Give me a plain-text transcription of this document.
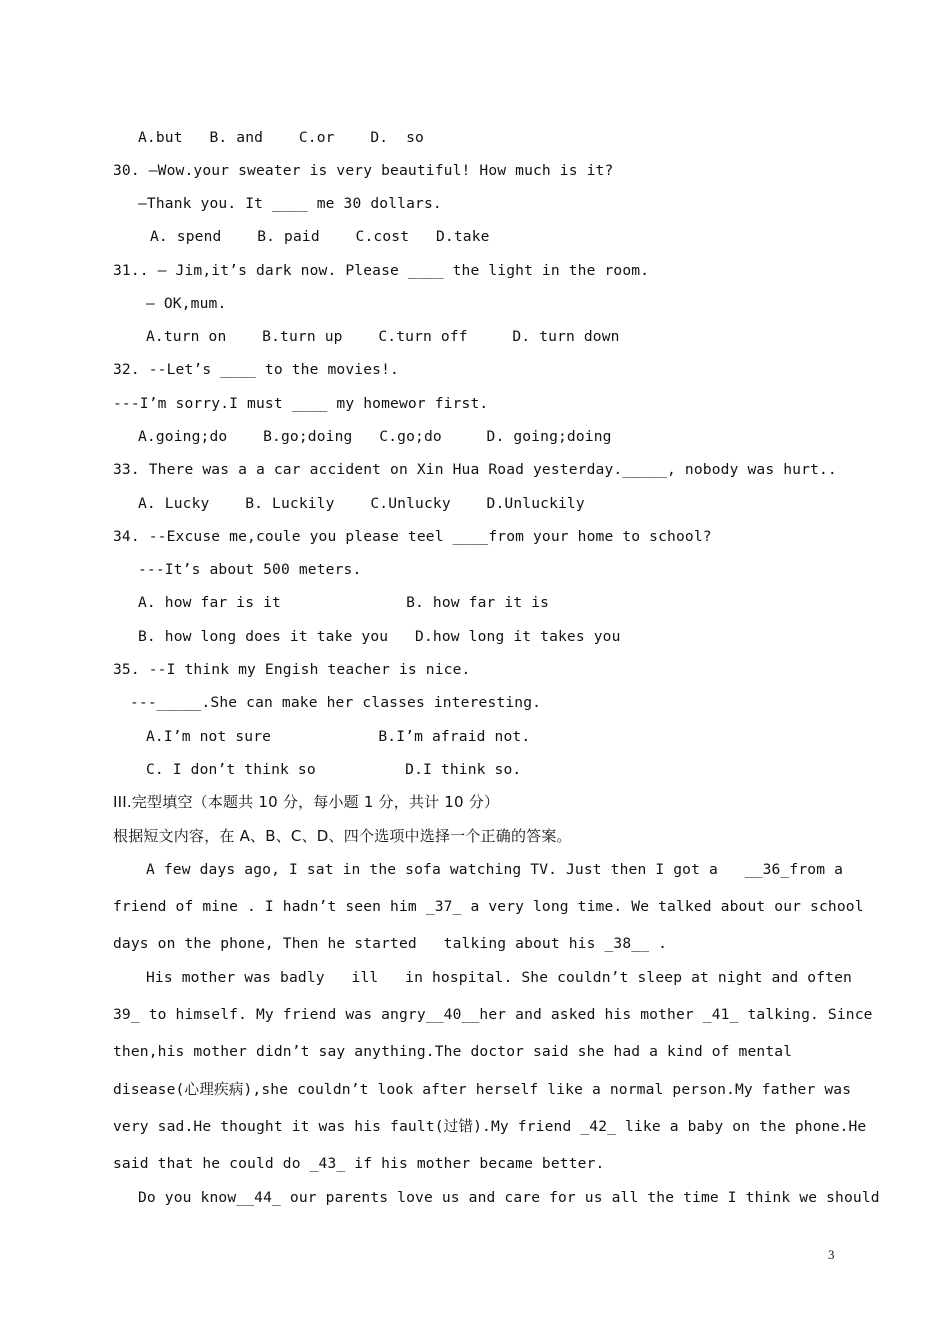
A.but   B. and    C.or    D.  so
30. —Wow.your sweater is very beautiful! How much is it?
—Thank you. It ____ me 30 dollars.
A. spend    B. paid    C.cost   D.take
31.. — Jim,it’s dark now. Please ____ the light in the room.
— OK,mum.
A.turn on    B.turn up    C.turn off     D. turn down
32. --Let’s ____ to the movies!.
---I’m sorry.I must ____ my homewor first.
A.going;do    B.go;doing   C.go;do     D. going;doing
33. There was a a car accident on Xin Hua Road yesterday._____, nobody was hurt..
A. Lucky    B. Luckily    C.Unlucky    D.Unluckily
34. --Excuse me,coule you please teel ____from your home to school?
---It’s about 500 meters.
A. how far is it              B. how far it is
B. how long does it take you   D.how long it takes you
35. --I think my Engish teacher is nice.
---_____.She can make her classes interesting.
A.I’m not sure            B.I’m afraid not.
C. I don’t think so          D.I think so.
III.完型填空（本题共 10 分，每小题 1 分，共计 10 分）
根据短文内容，在 A、B、C、D、四个选项中选择一个正确的答案。
A few days ago, I sat in the sofa watching TV. Just then I got a   __36_from a
friend of mine . I hadn’t seen him _37_ a very long time. We talked about our school
days on the phone, Then he started   talking about his _38__ .
His mother was badly   ill   in hospital. She couldn’t sleep at night and often
39_ to himself. My friend was angry__40__her and asked his mother _41_ talking. Since
then,his mother didn’t say anything.The doctor said she had a kind of mental
disease(心理疾病),she couldn’t look after herself like a normal person.My father was
very sad.He thought it was his fault(过错).My friend _42_ like a baby on the phone.He
said that he could do _43_ if his mother became better.
Do you know__44_ our parents love us and care for us all the time I think we should
3
